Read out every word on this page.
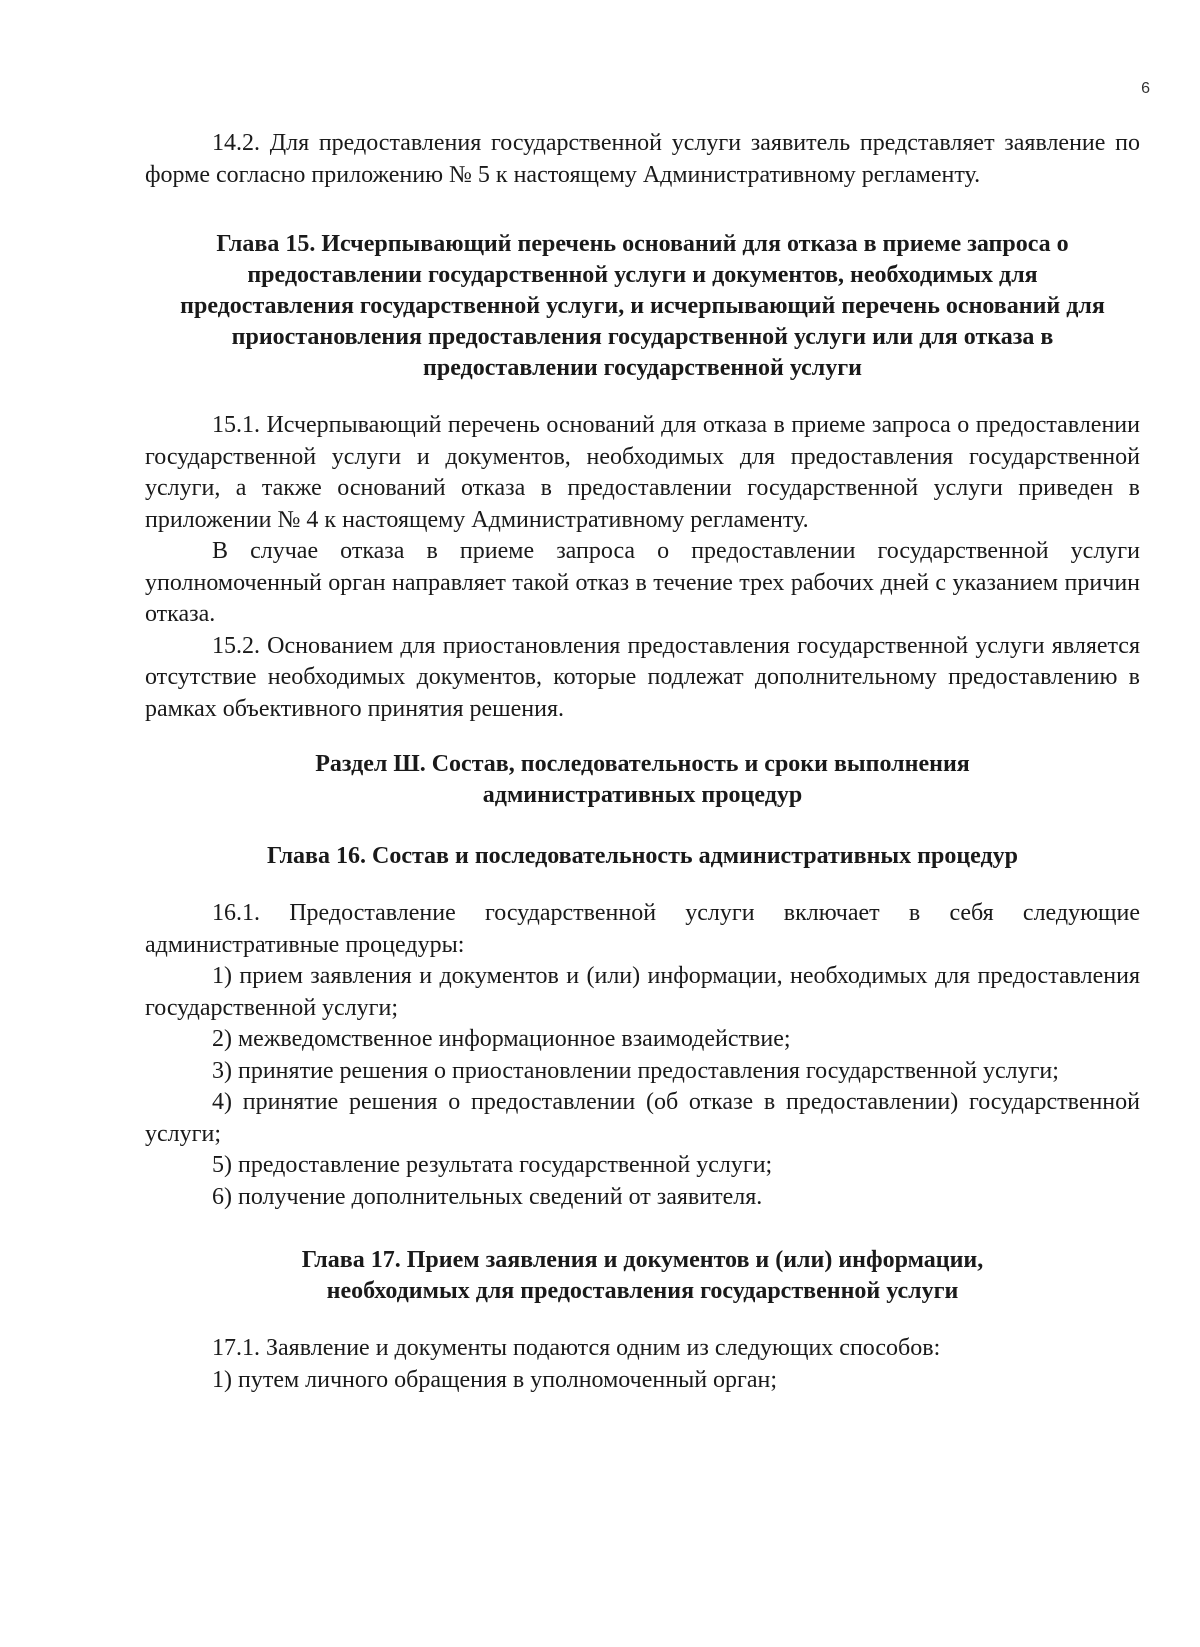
6

14.2. Для предоставления государственной услуги заявитель представляет заявление по форме согласно приложению № 5 к настоящему Административному регламенту.

Глава 15. Исчерпывающий перечень оснований для отказа в приеме запроса о предоставлении государственной услуги и документов, необходимых для предоставления государственной услуги, и исчерпывающий перечень оснований для приостановления предоставления государственной услуги или для отказа в предоставлении государственной услуги

15.1. Исчерпывающий перечень оснований для отказа в приеме запроса о предоставлении государственной услуги и документов, необходимых для предоставления государственной услуги, а также оснований отказа в предоставлении государственной услуги приведен в приложении № 4 к настоящему Административному регламенту.

В случае отказа в приеме запроса о предоставлении государственной услуги уполномоченный орган направляет такой отказ в течение трех рабочих дней с указанием причин отказа.

15.2. Основанием для приостановления предоставления государственной услуги является отсутствие необходимых документов, которые подлежат дополнительному предоставлению в рамках объективного принятия решения.

Раздел Ш. Состав, последовательность и сроки выполнения административных процедур
Глава 16. Состав и последовательность административных процедур

16.1. Предоставление государственной услуги включает в себя следующие административные процедуры:

1) прием заявления и документов и (или) информации, необходимых для предоставления государственной услуги;

2) межведомственное информационное взаимодействие;

3) принятие решения о приостановлении предоставления государственной услуги;

4) принятие решения о предоставлении (об отказе в предоставлении) государственной услуги;

5) предоставление результата государственной услуги;

6) получение дополнительных сведений от заявителя.

Глава 17. Прием заявления и документов и (или) информации, необходимых для предоставления государственной услуги

17.1. Заявление и документы подаются одним из следующих способов:

1) путем личного обращения в уполномоченный орган;
